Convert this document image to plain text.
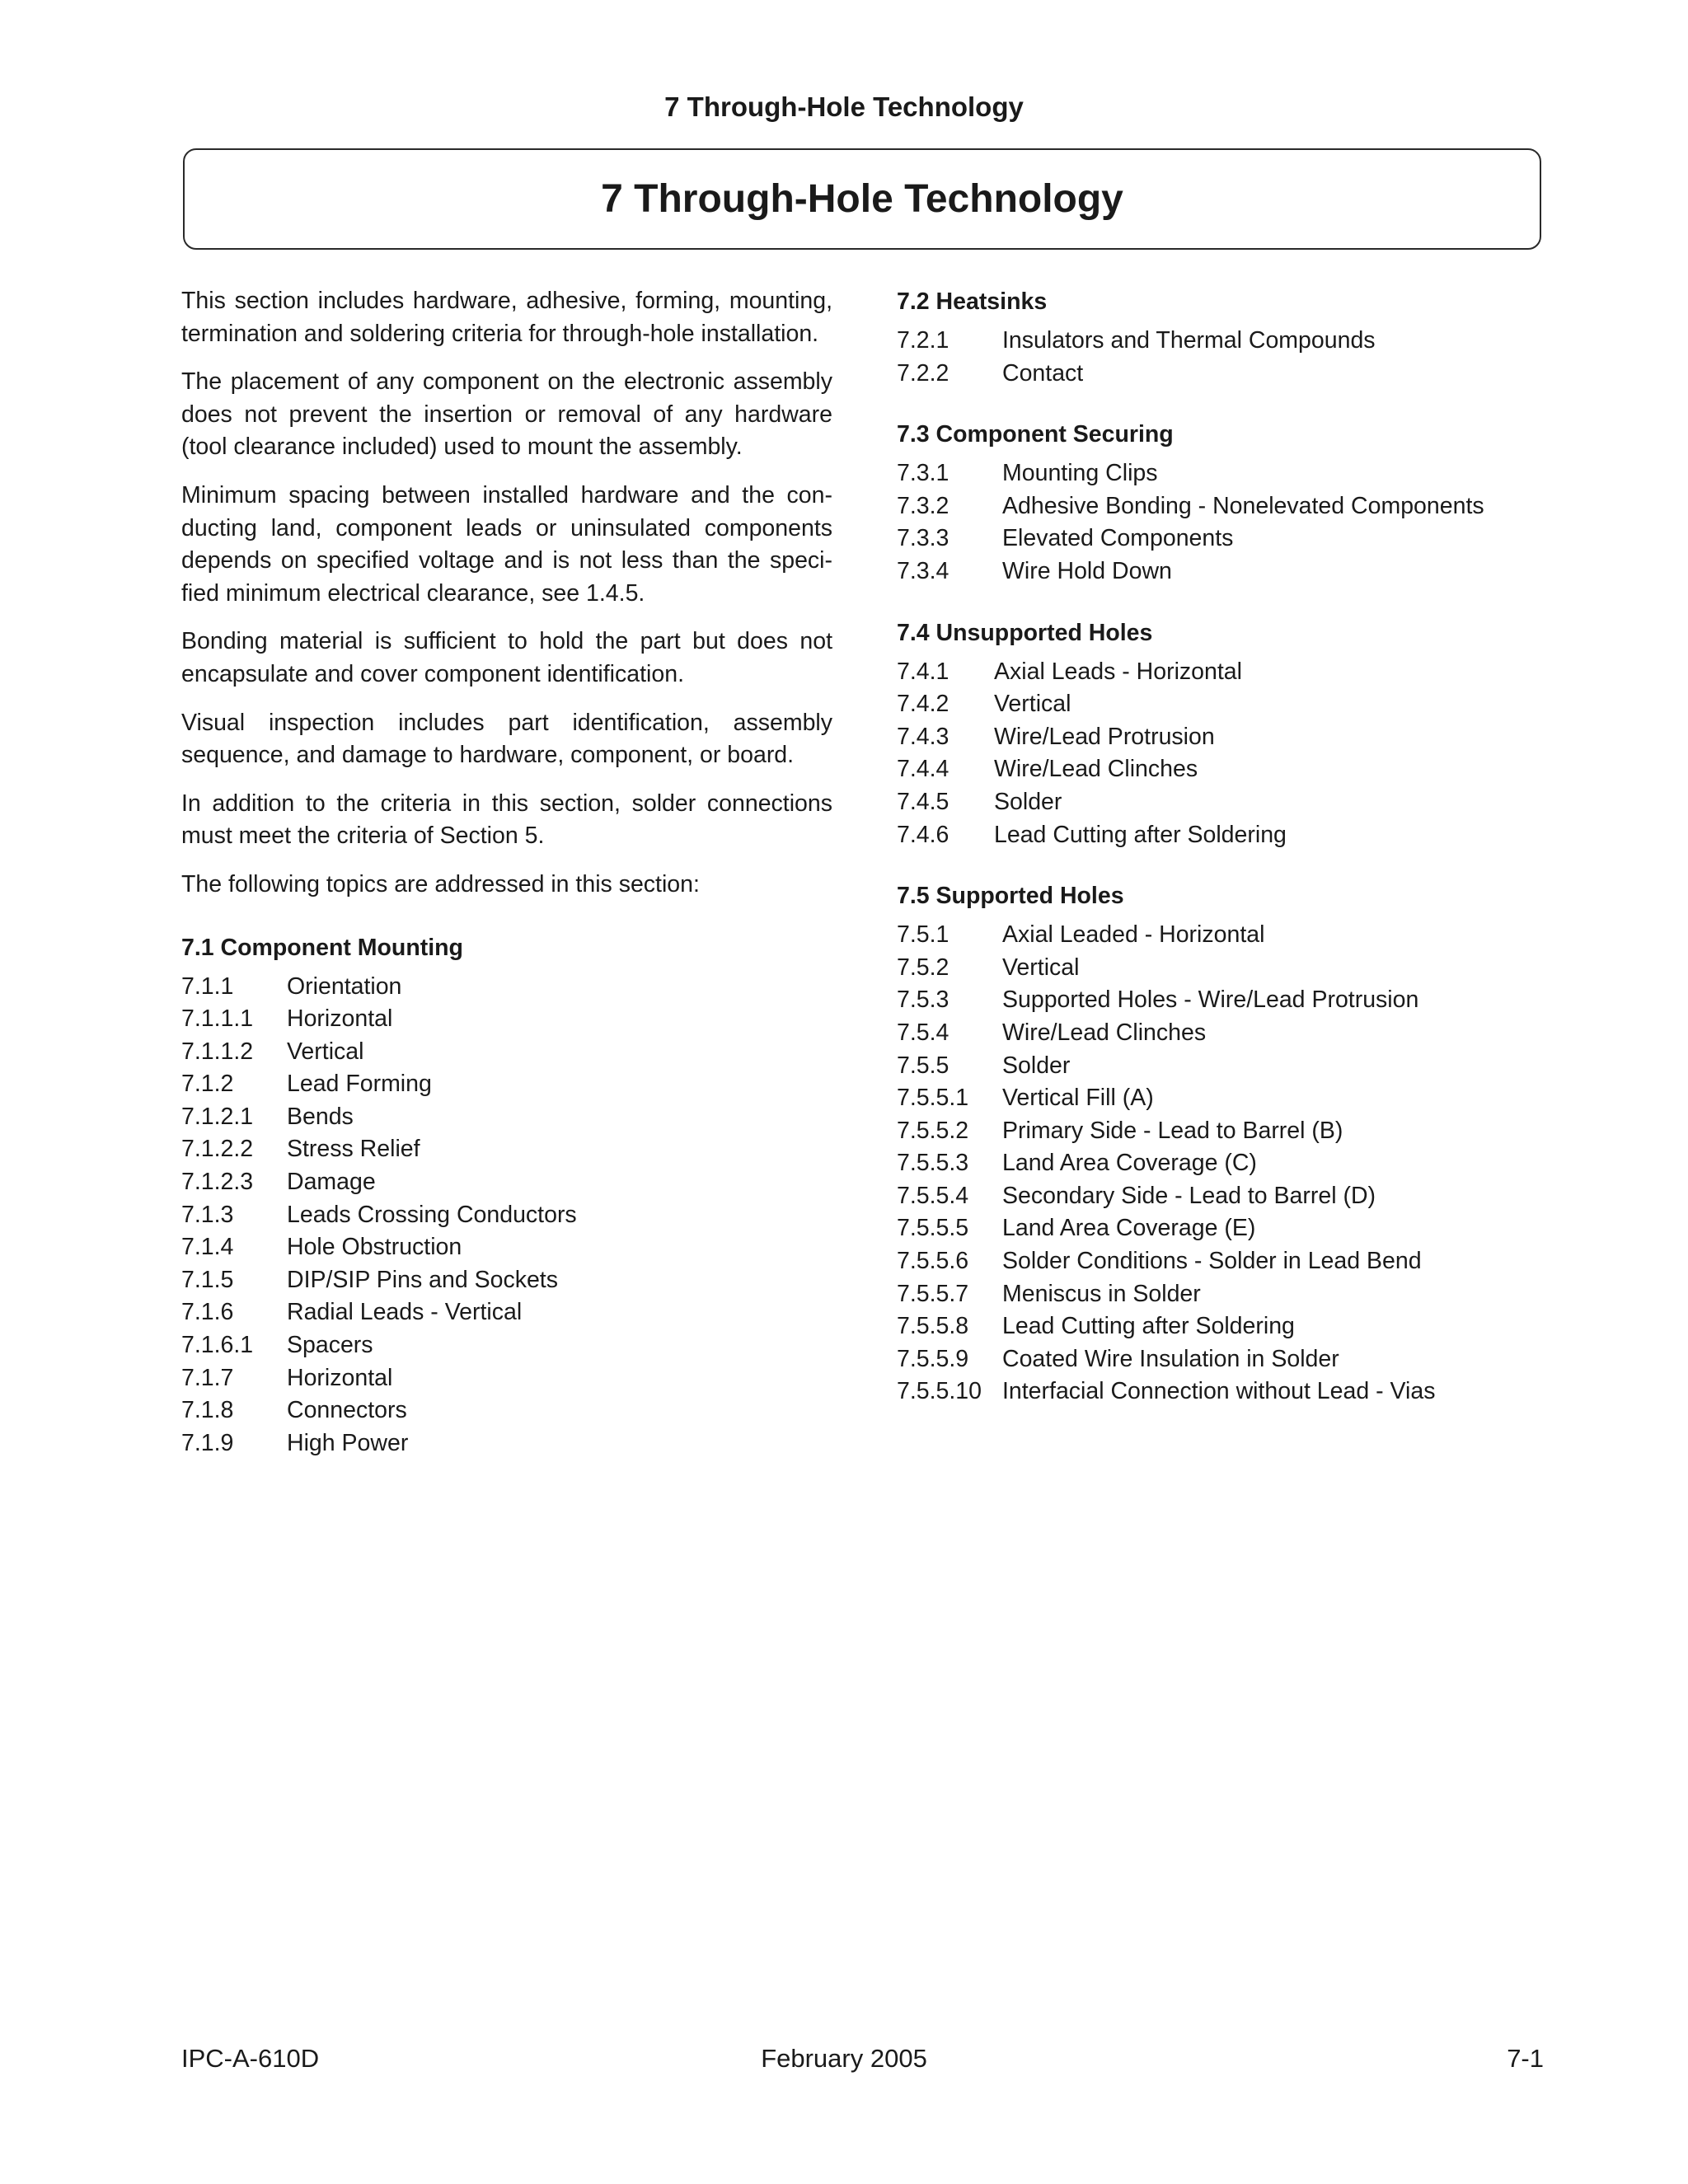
7 Through-Hole Technology
7 Through-Hole Technology

This section includes hardware, adhesive, forming, mounting, termination and soldering criteria for through-hole installation.

The placement of any component on the electronic assembly does not prevent the insertion or removal of any hardware (tool clearance included) used to mount the assembly.

Minimum spacing between installed hardware and the con-ducting land, component leads or uninsulated components depends on specified voltage and is not less than the speci-fied minimum electrical clearance, see 1.4.5.

Bonding material is sufficient to hold the part but does not encapsulate and cover component identification.

Visual inspection includes part identification, assembly sequence, and damage to hardware, component, or board.

In addition to the criteria in this section, solder connections must meet the criteria of Section 5.

The following topics are addressed in this section:

7.1 Component Mounting
7.1.1	Orientation
7.1.1.1	Horizontal
7.1.1.2	Vertical
7.1.2	Lead Forming
7.1.2.1	Bends
7.1.2.2	Stress Relief
7.1.2.3	Damage
7.1.3	Leads Crossing Conductors
7.1.4	Hole Obstruction
7.1.5	DIP/SIP Pins and Sockets
7.1.6	Radial Leads - Vertical
7.1.6.1	Spacers
7.1.7	Horizontal
7.1.8	Connectors
7.1.9	High Power
7.2 Heatsinks
7.2.1	Insulators and Thermal Compounds
7.2.2	Contact
7.3 Component Securing
7.3.1	Mounting Clips
7.3.2	Adhesive Bonding - Nonelevated Components
7.3.3	Elevated Components
7.3.4	Wire Hold Down
7.4 Unsupported Holes
7.4.1	Axial Leads - Horizontal
7.4.2	Vertical
7.4.3	Wire/Lead Protrusion
7.4.4	Wire/Lead Clinches
7.4.5	Solder
7.4.6	Lead Cutting after Soldering
7.5 Supported Holes
7.5.1	Axial Leaded - Horizontal
7.5.2	Vertical
7.5.3	Supported Holes - Wire/Lead Protrusion
7.5.4	Wire/Lead Clinches
7.5.5	Solder
7.5.5.1	Vertical Fill (A)
7.5.5.2	Primary Side - Lead to Barrel (B)
7.5.5.3	Land Area Coverage (C)
7.5.5.4	Secondary Side - Lead to Barrel (D)
7.5.5.5	Land Area Coverage (E)
7.5.5.6	Solder Conditions - Solder in Lead Bend
7.5.5.7	Meniscus in Solder
7.5.5.8	Lead Cutting after Soldering
7.5.5.9	Coated Wire Insulation in Solder
7.5.5.10 Interfacial Connection without Lead - Vias
IPC-A-610D	February 2005	7-1
